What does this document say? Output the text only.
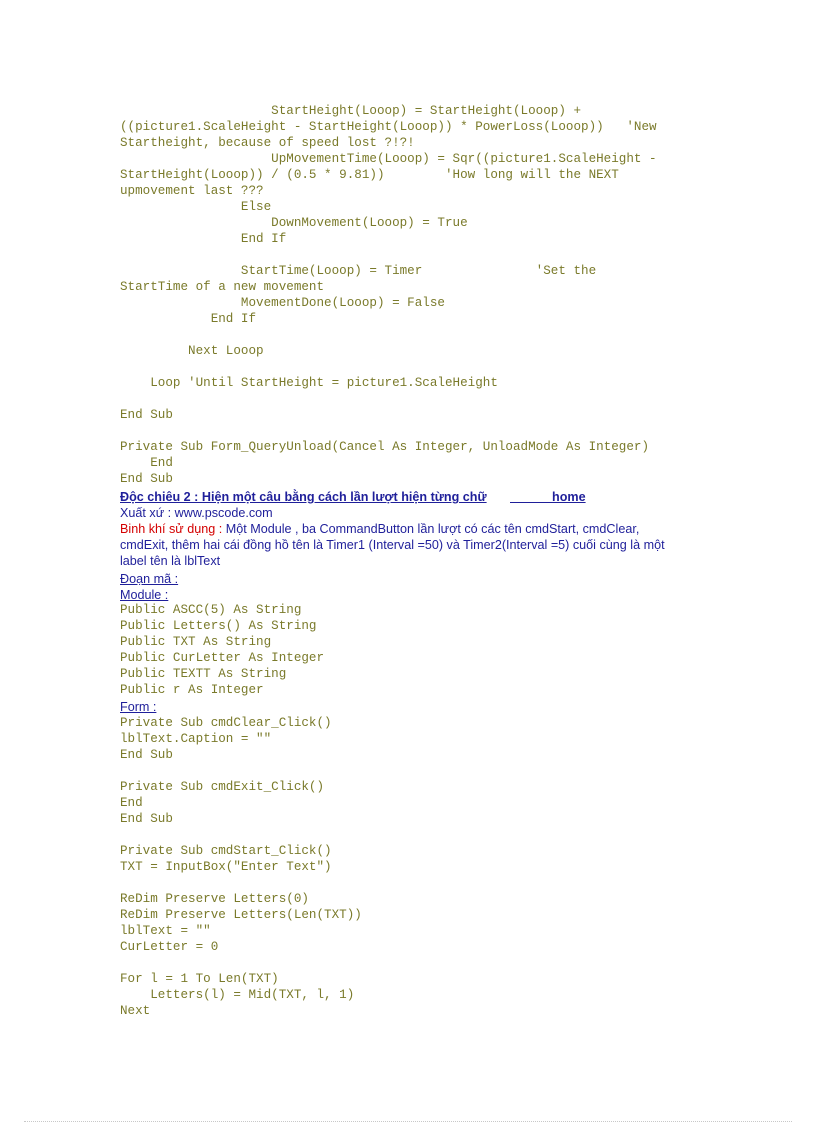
StartHeight(Looop) = StartHeight(Looop) +
((picture1.ScaleHeight - StartHeight(Looop)) * PowerLoss(Looop))   'New
Startheight, because of speed lost ?!?!
UpMovementTime(Looop) = Sqr((picture1.ScaleHeight -
StartHeight(Looop)) / (0.5 * 9.81))        'How long will the NEXT
upmovement last ???
Else
DownMovement(Looop) = True
End If

StartTime(Looop) = Timer               'Set the
StartTime of a new movement
MovementDone(Looop) = False
End If

Next Looop

Loop 'Until StartHeight = picture1.ScaleHeight

End Sub

Private Sub Form_QueryUnload(Cancel As Integer, UnloadMode As Integer)
End
End Sub
Độc chiêu 2 : Hiện một câu bằng cách lần lượt hiện từng chữ	home
Xuất xứ : www.pscode.com
Binh khí sử dụng : Một Module , ba CommandButton lần lượt có các tên cmdStart, cmdClear, cmdExit, thêm hai cái đồng hồ tên là Timer1 (Interval =50) và Timer2(Interval =5) cuối cùng là một label tên là lblText
Đoạn mã :
Module :
Public ASCC(5) As String
Public Letters() As String
Public TXT As String
Public CurLetter As Integer
Public TEXTT As String
Public r As Integer
Form :
Private Sub cmdClear_Click()
lblText.Caption = ""
End Sub

Private Sub cmdExit_Click()
End
End Sub

Private Sub cmdStart_Click()
TXT = InputBox("Enter Text")

ReDim Preserve Letters(0)
ReDim Preserve Letters(Len(TXT))
lblText = ""
CurLetter = 0

For l = 1 To Len(TXT)
Letters(l) = Mid(TXT, l, 1)
Next
